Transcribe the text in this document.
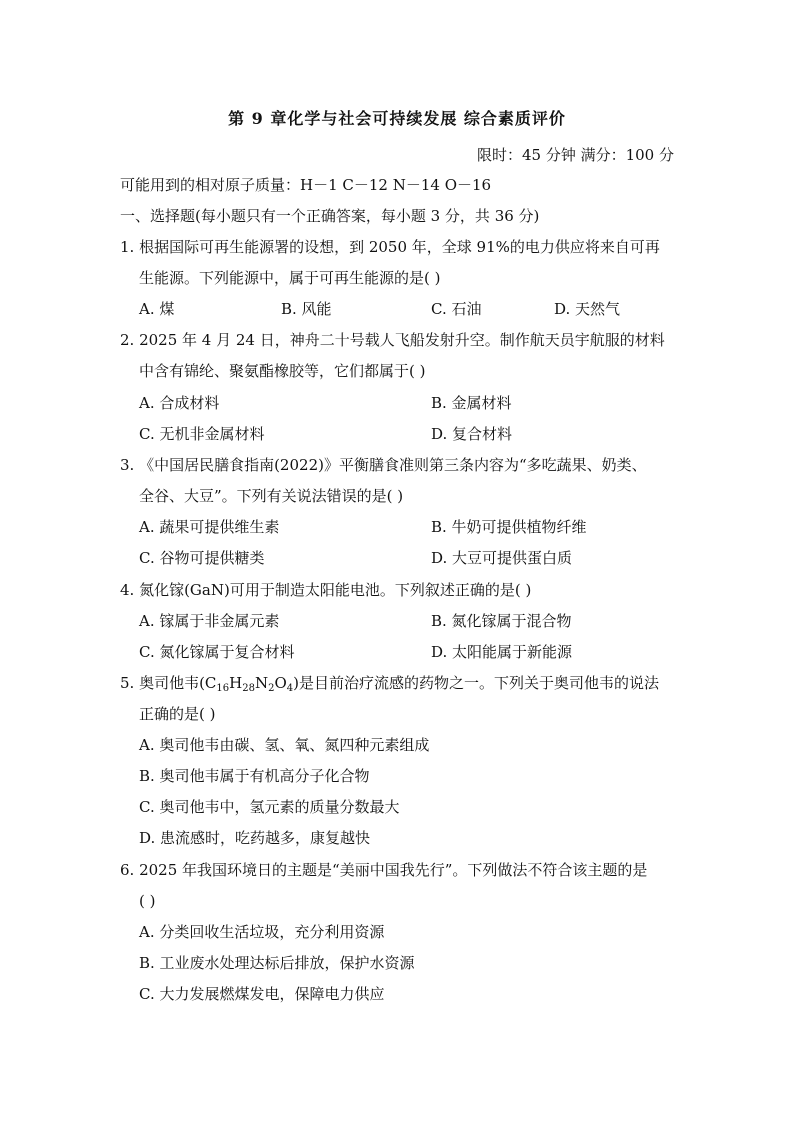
第 9 章化学与社会可持续发展 综合素质评价
限时：45 分钟 满分：100 分
可能用到的相对原子质量：H－1 C－12 N－14 O－16
一、选择题(每小题只有一个正确答案，每小题 3 分，共 36 分)
1. 根据国际可再生能源署的设想，到 2050 年，全球 91%的电力供应将来自可再
生能源。下列能源中，属于可再生能源的是( )
A. 煤	B. 风能	C. 石油	D. 天然气
2. 2025 年 4 月 24 日，神舟二十号载人飞船发射升空。制作航天员宇航服的材料
中含有锦纶、聚氨酯橡胶等，它们都属于( )
A. 合成材料	B. 金属材料
C. 无机非金属材料	D. 复合材料
3. 《中国居民膳食指南(2022)》平衡膳食准则第三条内容为“多吃蔬果、奶类、
全谷、大豆”。下列有关说法错误的是( )
A. 蔬果可提供维生素	B. 牛奶可提供植物纤维
C. 谷物可提供糖类	D. 大豆可提供蛋白质
4. 氮化镓(GaN)可用于制造太阳能电池。下列叙述正确的是( )
A. 镓属于非金属元素	B. 氮化镓属于混合物
C. 氮化镓属于复合材料	D. 太阳能属于新能源
5. 奥司他韦$(C_{16}H_{28}N_2O_4)$是目前治疗流感的药物之一。下列关于奥司他韦的说法
正确的是( )
A. 奥司他韦由碳、氢、氧、氮四种元素组成
B. 奥司他韦属于有机高分子化合物
C. 奥司他韦中，氢元素的质量分数最大
D. 患流感时，吃药越多，康复越快
6. 2025 年我国环境日的主题是“美丽中国我先行”。下列做法不符合该主题的是
( )
A. 分类回收生活垃圾，充分利用资源
B. 工业废水处理达标后排放，保护水资源
C. 大力发展燃煤发电，保障电力供应
